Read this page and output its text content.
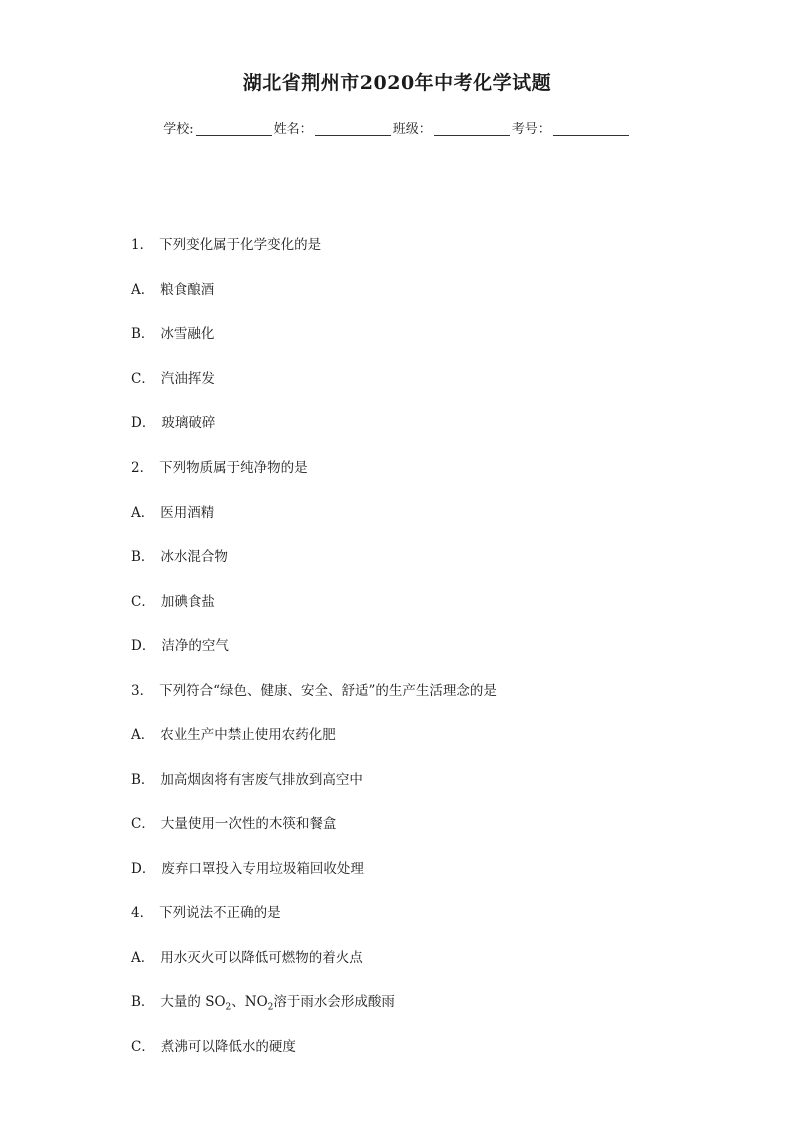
湖北省荆州市2020年中考化学试题
学校:	姓名：	班级：	考号：
1． 下列变化属于化学变化的是
A． 粮食酿酒
B． 冰雪融化
C． 汽油挥发
D． 玻璃破碎
2． 下列物质属于纯净物的是
A． 医用酒精
B． 冰水混合物
C． 加碘食盐
D． 洁净的空气
3． 下列符合“绿色、健康、安全、舒适”的生产生活理念的是
A． 农业生产中禁止使用农药化肥
B． 加高烟囱将有害废气排放到高空中
C． 大量使用一次性的木筷和餐盒
D． 废弃口罩投入专用垃圾箱回收处理
4． 下列说法不正确的是
A． 用水灭火可以降低可燃物的着火点
B． 大量的 $SO_2$、$NO_2$溶于雨水会形成酸雨
C． 煮沸可以降低水的硬度
